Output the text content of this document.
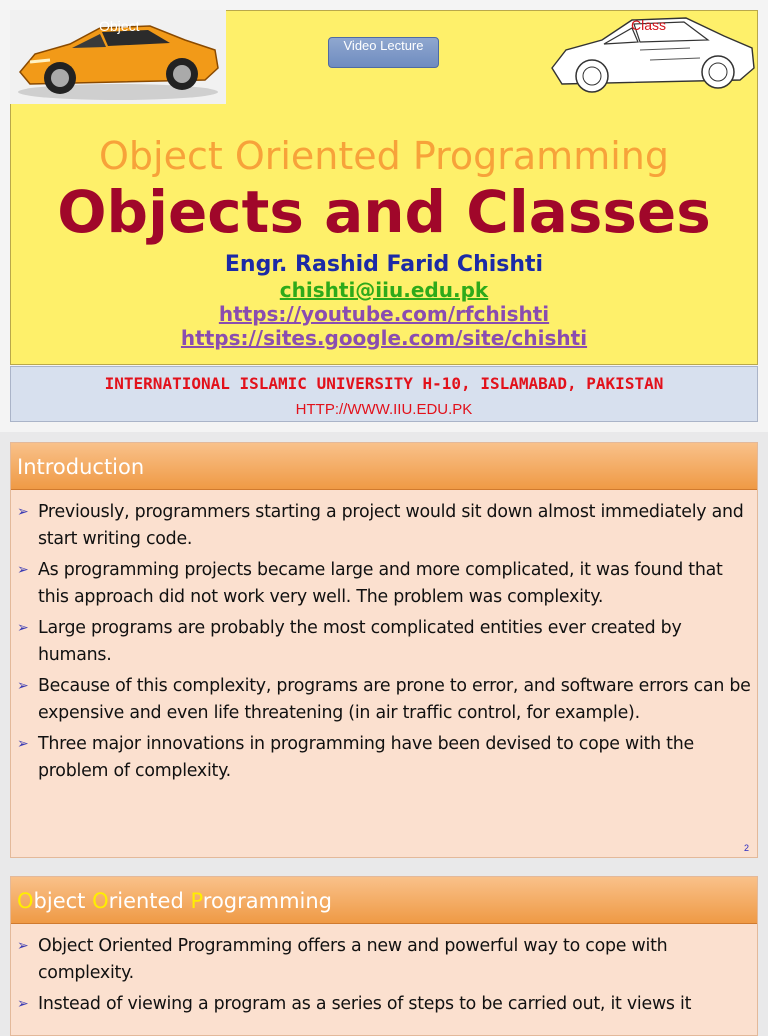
Object	Class
Video Lecture
Object Oriented Programming
Objects and Classes
Engr. Rashid Farid Chishti
chishti@iiu.edu.pk
https://youtube.com/rfchishti
https://sites.google.com/site/chishti
INTERNATIONAL ISLAMIC UNIVERSITY H-10, ISLAMABAD, PAKISTAN
HTTP://WWW.IIU.EDU.PK
Introduction
➢ Previously, programmers starting a project would sit down almost immediately and start writing code.
➢ As programming projects became large and more complicated, it was found that this approach did not work very well. The problem was complexity.
➢ Large programs are probably the most complicated entities ever created by humans.
➢ Because of this complexity, programs are prone to error, and software errors can be expensive and even life threatening (in air traffic control, for example).
➢ Three major innovations in programming have been devised to cope with the problem of complexity.
2
Object Oriented Programming
➢ Object Oriented Programming offers a new and powerful way to cope with complexity.
➢ Instead of viewing a program as a series of steps to be carried out, it views it
